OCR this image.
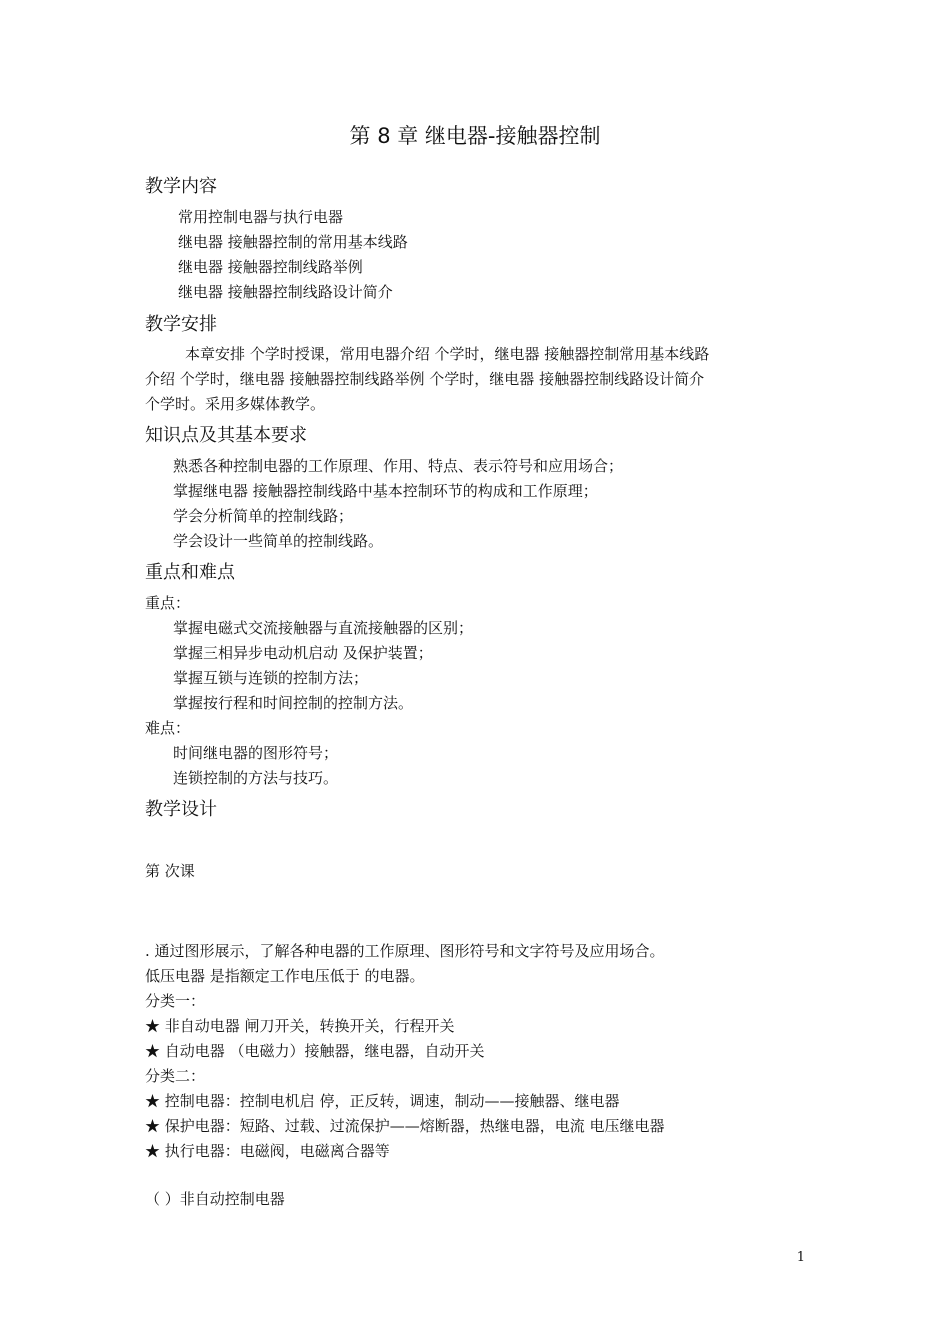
第 8 章 继电器-接触器控制
教学内容
常用控制电器与执行电器
继电器 接触器控制的常用基本线路
继电器 接触器控制线路举例
继电器 接触器控制线路设计简介
教学安排
本章安排 个学时授课，常用电器介绍 个学时，继电器 接触器控制常用基本线路
介绍 个学时，继电器 接触器控制线路举例 个学时，继电器 接触器控制线路设计简介
个学时。采用多媒体教学。
知识点及其基本要求
熟悉各种控制电器的工作原理、作用、特点、表示符号和应用场合；
掌握继电器 接触器控制线路中基本控制环节的构成和工作原理；
学会分析简单的控制线路；
学会设计一些简单的控制线路。
重点和难点
重点：
掌握电磁式交流接触器与直流接触器的区别；
掌握三相异步电动机启动 及保护装置；
掌握互锁与连锁的控制方法；
掌握按行程和时间控制的控制方法。
难点：
时间继电器的图形符号；
连锁控制的方法与技巧。
教学设计
第 次课
. 通过图形展示，了解各种电器的工作原理、图形符号和文字符号及应用场合。
低压电器 是指额定工作电压低于 的电器。
分类一：
★ 非自动电器 闸刀开关，转换开关，行程开关
★ 自动电器 （电磁力）接触器，继电器，自动开关
分类二：
★ 控制电器：控制电机启 停，正反转，调速，制动——接触器、继电器
★ 保护电器：短路、过载、过流保护——熔断器，热继电器，电流 电压继电器
★ 执行电器：电磁阀，电磁离合器等
（ ）非自动控制电器
1
